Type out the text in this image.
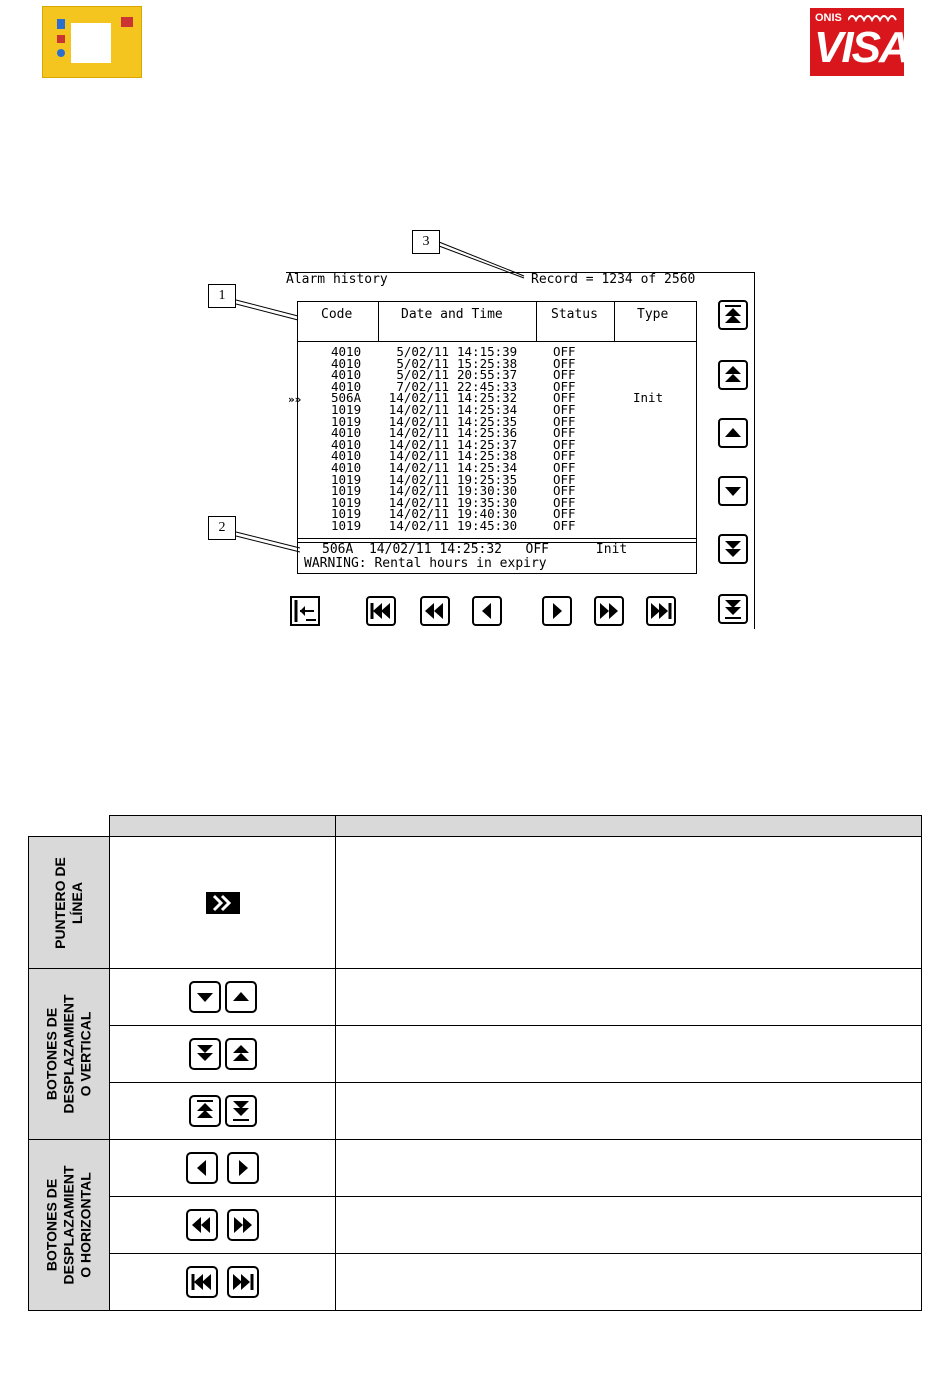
ONIS
VISA
Alarm history	Record = 1234 of 2560
Code	Date and Time	Status	Type
4010	5/02/11 14:15:39	OFF
4010	5/02/11 15:25:38	OFF
4010	5/02/11 20:55:37	OFF
4010	7/02/11 22:45:33	OFF
506A	14/02/11 14:25:32	OFF	Init
1019	14/02/11 14:25:34	OFF
1019	14/02/11 14:25:35	OFF
4010	14/02/11 14:25:36	OFF
4010	14/02/11 14:25:37	OFF
4010	14/02/11 14:25:38	OFF
4010	14/02/11 14:25:34	OFF
1019	14/02/11 19:25:35	OFF
1019	14/02/11 19:30:30	OFF
1019	14/02/11 19:35:30	OFF
1019	14/02/11 19:40:30	OFF
1019	14/02/11 19:45:30	OFF
»»
506A  14/02/11 14:25:32   OFF      Init
WARNING: Rental hours in expiry
1
2
3

PUNTERO DE
LÍNEA

BOTONES DE
DESPLAZAMIENT
O VERTICAL

BOTONES DE
DESPLAZAMIENT
O HORIZONTAL
